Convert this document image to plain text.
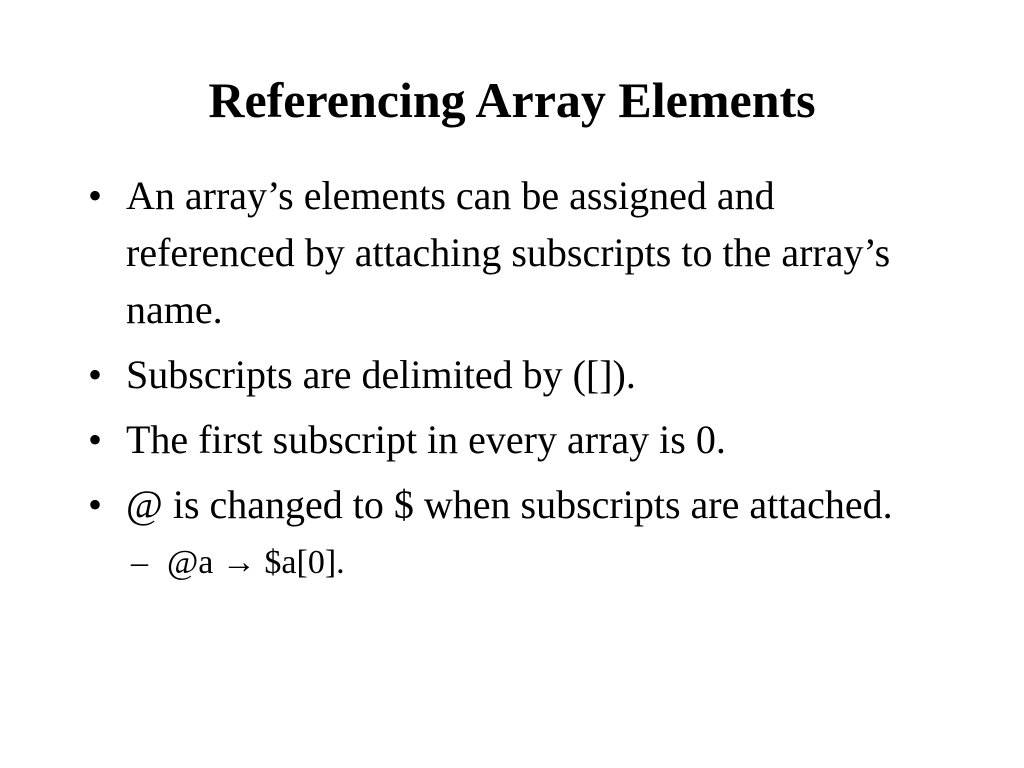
Referencing Array Elements
• An array’s elements can be assigned and referenced by attaching subscripts to the array’s name.
• Subscripts are delimited by ([]).
• The first subscript in every array is 0.
• @ is changed to $ when subscripts are attached.
– @a → $a[0].
